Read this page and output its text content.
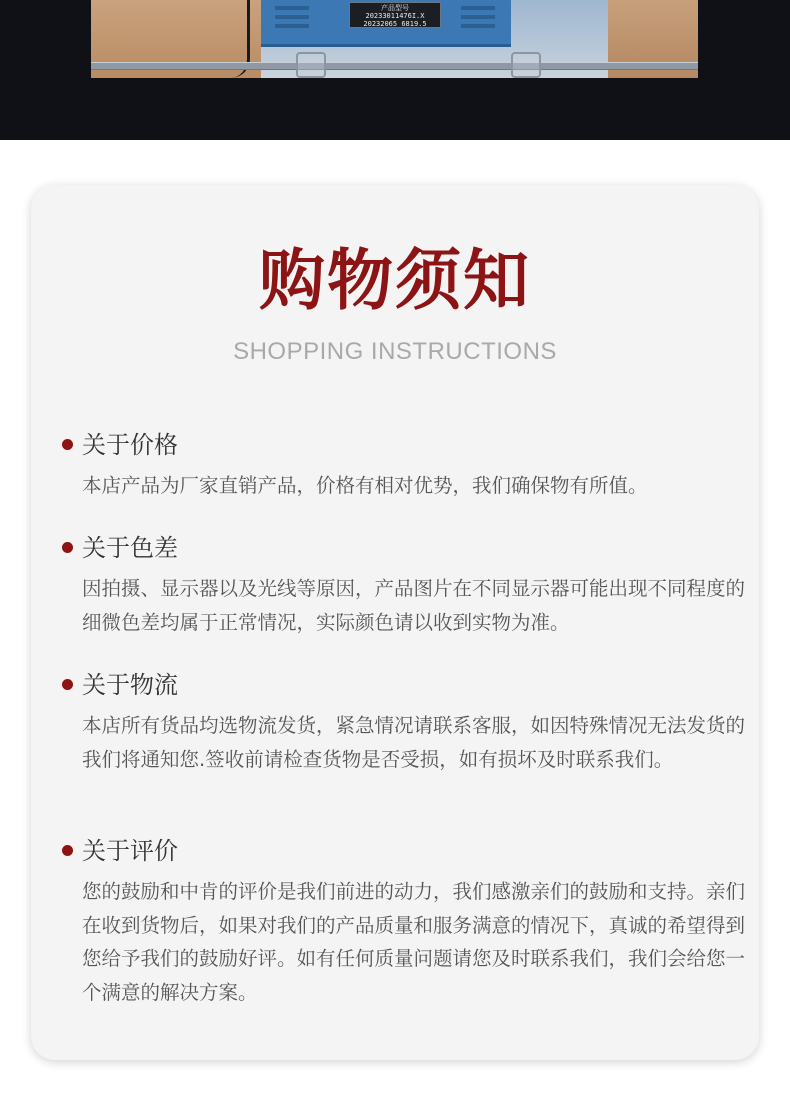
产品型号
20233011476I.X
20232065 6819.5
购物须知
SHOPPING INSTRUCTIONS
关于价格

本店产品为厂家直销产品，价格有相对优势，我们确保物有所值。

关于色差

因拍摄、显示器以及光线等原因，产品图片在不同显示器可能出现不同程度的细微色差均属于正常情况，实际颜色请以收到实物为准。

关于物流

本店所有货品均选物流发货，紧急情况请联系客服，如因特殊情况无法发货的我们将通知您.签收前请检查货物是否受损，如有损坏及时联系我们。

关于评价

您的鼓励和中肯的评价是我们前进的动力，我们感激亲们的鼓励和支持。亲们在收到货物后，如果对我们的产品质量和服务满意的情况下，真诚的希望得到您给予我们的鼓励好评。如有任何质量问题请您及时联系我们，我们会给您一个满意的解决方案。
